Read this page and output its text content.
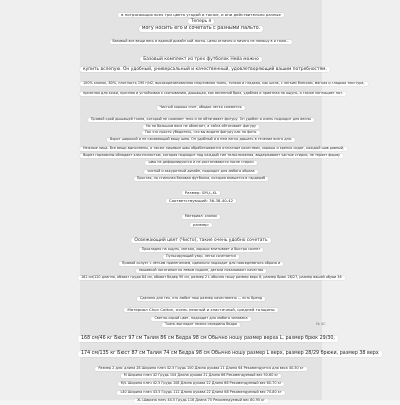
в потрясающих всех три цвета угадай и также, и они действительно разные
Теперь я
могу носить его и сочетать с разными пальто.
базовый все вещи весь в единый дизайн кой листы. цены отлично и ничего не напишу в и тоже…
Базовый комплект из трех футболок Нейа можно
купить вслепую. Он удобный, универсальный и качественный, удовлетворяющий вашим потребностям.
100% хлопок, 80%, плотность 190 г/м2, высокорезинованная спортивная ткань, тонкая и гладкая, как шелк, с легким блеском, мягкая и гладкая текстура,
приятная для кожи, прочная и устойчивая к скатыванию, дышащая, как весенний бриз, удобная и приятная на ощупь, а также поглощает пот.
Чистый хорошо спит, ободок легко сожмется.
Прямой крой дышащей ткани, который не сжимает тело и не обтягивает фигуру. Он удобен и очень подходит для весны
Но на большом весе не облегает, а тайга обтягивает фигуру
Так что просто убедитесь, что вы видите фигуру как на фото.
Ворот широкий и не сжимающий вашу шею. Он удобный и в нем легко дышать в течение всего дня.
Нежные лица. Все вещи выполнены, а также лицевые швы обрабатываются отличным качеством, хорошо и крепко сидят, каждый шов ровный,
Вырез горловины обладает эластичностью, которая подходит под каждый тип телосложения, выдерживает частые стирки, не теряет форму
швы не деформируются и не растягиваются после стирки
чистый и аккуратный дизайн, подходит для любого образа
Простая, но стильная базовая футболка, которая впишется в гардероб
Размер: SM,L,XL
Соответствующий: 36-38-40-42
Материал: хлопок
размер:
Освежающий цвет (Чисто), такие очень удобно сочетать
Прохладно на ощупь, мягкая, хорошо впитывает и быстро сохнет
Пульсирующий узор, легко сочетается
Прямой силуэт с лёгким прилеганием, идеально подходит для повседневного образа и
нашивкой логотипом на левом подоле, детали показывают качество
162 см/120 длинна, обхват груди 84 см, обхват бедер 90 см, размер 2 L обычно ношу размер верх 6, размер брюк 26/27, размер вашей обуви 36
Сделано для тех, кто любит наш размер качественно — есть бренд
Материал Chun Cotton, очень нежный и эластичный, средней толщины
Светло-серый цвет, подходит для любого человека
Ткань выглядит нежно середины бедра
168 см/46 кг Бюст 97 см Талия 86 см Бедра 98 см Обычно ношу размер верха L, размер брюк 29/30,
174 см/135 кг Бюст 87 см Талия 74 см Бедра 98 см Обычно ношу размер L верх, размер 28/29 брюки, размер 38 верх
Размер 2 для: длина 28 Ширина плеч 42.5 Грудь 100 Длина рукава 21 Длина 64 Рекомендуется для веса 40-50 кг
M Ширина плеч 42 Грудь 104 Длина рукава 21 Длина 66 Рекомендуемый вес 50-60 кг
M/L Ширина плеч 42.5 Грудь 108 Длина рукава 22 Длина 66 Рекомендуемый вес 60-70 кг
L40 Ширина плеч 43.5 Грудь 112 Длина рукава 22 Длина 68 Рекомендуемый вес 70-80 кг
XL Ширина плеч 44.5 Грудь 116 Длина 70 Рекомендуемый вес 80-90 кг
№ 4C
